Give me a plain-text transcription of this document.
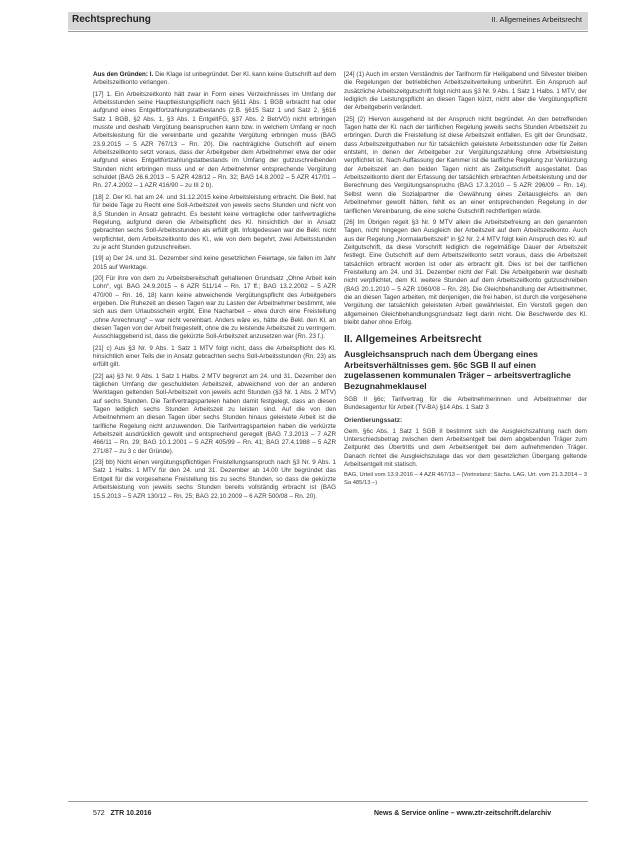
Rechtsprechung	II. Allgemeines Arbeitsrecht

Aus den Gründen: I. Die Klage ist unbegründet. Der Kl. kann keine Gutschrift auf dem Arbeitszeitkonto verlangen.

[17] 1. Ein Arbeitszeitkonto hält zwar in Form eines Verzeichnisses im Umfang der Arbeitsstunden seine Hauptleistungspflicht nach §611 Abs. 1 BGB erbracht hat oder aufgrund eines Entgeltfortzahlungstatbestands (z.B. §615 Satz 1 und Satz 2, §616 Satz 1 BGB, §2 Abs. 1, §3 Abs. 1 EntgeltFG, §37 Abs. 2 BetrVG) nicht erbringen musste und deshalb Vergütung beanspruchen kann bzw. in welchem Umfang er noch Arbeitsleistung für die vereinbarte und gezahlte Vergütung erbringen muss (BAG 23.9.2015 – 5 AZR 767/13 – Rn. 20). Die nachträgliche Gutschrift auf einem Arbeitszeitkonto setzt voraus, dass der Arbeitgeber dem Arbeitnehmer etwa der oder aufgrund eines Entgeltfortzahlungstatbestands im Umfang der gutzuschreibenden Stunden nicht erbringen muss und er den Arbeitnehmer entsprechende Vergütung schuldet (BAG 26.6.2013 – 5 AZR 428/12 – Rn. 32; BAG 14.8.2002 – 5 AZR 417/01 – Rn. 27.4.2002 – 1 AZR 416/90 – zu III 2 b).

[18] 2. Der Kl. hat am 24. und 31.12.2015 keine Arbeitsleistung erbracht. Die Bekl. hat für beide Tage zu Recht eine Soll-Arbeitszeit von jeweils sechs Stunden und nicht von 8,5 Stunden in Ansatz gebracht. Es besteht keine vertragliche oder tarifvertragliche Regelung, aufgrund deren die Arbeitspflicht des Kl. hinsichtlich der in Ansatz gebrachten sechs Soll-Arbeitsstunden als erfüllt gilt. Infolgedessen war die Bekl. nicht verpflichtet, dem Arbeitszeitkonto des Kl., wie von dem begehrt, zwei Arbeitsstunden zu je acht Stunden gutzuschreiben.

[19] a) Der 24. und 31. Dezember sind keine gesetzlichen Feiertage, sie fallen im Jahr 2015 auf Werktage.

[20] Für ihre von dem zu Arbeitsbereitschaft gehaltenen Grundsatz „Ohne Arbeit kein Lohn“, vgl. BAG 24.9.2015 – 6 AZR 511/14 – Rn. 17 ff.; BAG 13.2.2002 – 5 AZR 470/00 – Rn. 16, 18) kann keine abweichende Vergütungspflicht des Arbeitgebers ergeben. Die Ruhezeit an diesen Tagen war zu Lasten der Arbeitnehmer bestimmt, wie sich aus dem Urlaubsschein ergibt. Eine Nacharbeit – etwa durch eine Freistellung „ohne Anrechnung“ – war nicht vereinbart. Anders wäre es, hätte die Bekl. den Kl. an diesen Tagen von der Arbeit freigestellt, ohne die zu leistende Arbeitszeit zu verringern. Ausschlaggebend ist, dass die gekürzte Soll-Arbeitszeit anzusetzen war (Rn. 23 f.).

[21] c) Aus §3 Nr. 9 Abs. 1 Satz 1 MTV folgt nicht, dass die Arbeitspflicht des Kl. hinsichtlich einer Teils der in Ansatz gebrachten sechs Soll-Arbeitsstunden (Rn. 23) als erfüllt gilt.

[22] aa) §3 Nr. 9 Abs. 1 Satz 1 Halbs. 2 MTV begrenzt am 24. und 31. Dezember den täglichen Umfang der geschuldeten Arbeitszeit, abweichend von der an anderen Werktagen geltenden Soll-Arbeitszeit von jeweils acht Stunden (§3 Nr. 1 Abs. 2 MTV) auf sechs Stunden. Die Tarifvertragsparteien haben damit festgelegt, dass an diesen Tagen lediglich sechs Stunden Arbeitszeit zu leisten sind. Auf die von den Arbeitnehmern an diesen Tagen über sechs Stunden hinaus geleistete Arbeit ist die tarifliche Regelung nicht anzuwenden. Die Tarifvertragsparteien haben die verkürzte Arbeitszeit ausdrücklich gewollt und entsprechend geregelt (BAG 7.3.2013 – 7 AZR 466/11 – Rn. 29; BAG 10.1.2001 – 5 AZR 405/99 – Rn. 41; BAG 27.4.1988 – 5 AZR 271/87 – zu 3 c der Gründe).

[23] bb) Nicht einen vergütungspflichtigen Freistellungsanspruch nach §3 Nr. 9 Abs. 1 Satz 1 Halbs. 1 MTV für den 24. und 31. Dezember ab 14.00 Uhr begründet das Entgelt für die vorgesehene Freistellung bis zu sechs Stunden, so dass die gekürzte Arbeitsleistung von jeweils sechs Stunden bereits vollständig erbracht ist (BAG 15.5.2013 – 5 AZR 130/12 – Rn. 25; BAG 22.10.2009 – 6 AZR 500/08 – Rn. 20).

[24] (1) Auch im ersten Verständnis der Tarifnorm für Heiligabend und Silvester bleiben die Regelungen der betrieblichen Arbeitszeitverteilung unberührt. Ein Anspruch auf zusätzliche Arbeitszeitgutschrift folgt nicht aus §3 Nr. 9 Abs. 1 Satz 1 Halbs. 1 MTV, der lediglich die Leistungspflicht an diesen Tagen kürzt, nicht aber die Vergütungspflicht der Arbeitgeberin verändert.

[25] (2) Hiervon ausgehend ist der Anspruch nicht begründet. An den betreffenden Tagen hatte der Kl. nach der tariflichen Regelung jeweils sechs Stunden Arbeitszeit zu erbringen. Durch die Freistellung ist diese Arbeitszeit entfallen. Es gilt der Grundsatz, dass Arbeitszeitguthaben nur für tatsächlich geleistete Arbeitsstunden oder für Zeiten entsteht, in denen der Arbeitgeber zur Vergütungszahlung ohne Arbeitsleistung verpflichtet ist. Nach Auffassung der Kammer ist die tarifliche Regelung zur Verkürzung der Arbeitszeit an den beiden Tagen nicht als Zeitgutschrift ausgestaltet. Das Arbeitszeitkonto dient der Erfassung der tatsächlich erbrachten Arbeitsleistung und der Berechnung des Vergütungsanspruchs (BAG 17.3.2010 – 5 AZR 296/09 – Rn. 14). Selbst wenn die Sozialpartner die Gewährung eines Zeitausgleichs an den Arbeitnehmer gewollt hätten, fehlt es an einer entsprechenden Regelung in der tariflichen Vereinbarung, die eine solche Gutschrift rechtfertigen würde.

[26] Im Übrigen regelt §3 Nr. 9 MTV allein die Arbeitsbefreiung an den genannten Tagen, nicht hingegen den Ausgleich der Arbeitszeit auf dem Arbeitszeitkonto. Auch aus der Regelung „Normalarbeitszeit“ in §2 Nr. 2.4 MTV folgt kein Anspruch des Kl. auf Zeitgutschrift, da diese Vorschrift lediglich die regelmäßige Dauer der Arbeitszeit festlegt. Eine Gutschrift auf dem Arbeitszeitkonto setzt voraus, dass die Arbeitszeit tatsächlich erbracht worden ist oder als erbracht gilt. Dies ist bei der tariflichen Freistellung am 24. und 31. Dezember nicht der Fall. Die Arbeitgeberin war deshalb nicht verpflichtet, dem Kl. weitere Stunden auf dem Arbeitszeitkonto gutzuschreiben (BAG 20.1.2010 – 5 AZR 1060/08 – Rn. 28). Die Gleichbehandlung der Arbeitnehmer, die an diesen Tagen arbeiten, mit denjenigen, die frei haben, ist durch die vorgesehene Vergütung der tatsächlich geleisteten Arbeit gewährleistet. Ein Verstoß gegen den allgemeinen Gleichbehandlungsgrundsatz liegt darin nicht. Die Beschwerde des Kl. bleibt daher ohne Erfolg.

II. Allgemeines Arbeitsrecht
Ausgleichsanspruch nach dem Übergang eines Arbeitsverhältnisses gem. §6c SGB II auf einen zugelassenen kommunalen Träger – arbeitsvertragliche Bezugnahmeklausel
SGB II §6c; Tarifvertrag für die Arbeitnehmerinnen und Arbeitnehmer der Bundesagentur für Arbeit (TV-BA) §14 Abs. 1 Satz 3
Orientierungssatz:

Gem. §6c Abs. 1 Satz 1 SGB II bestimmt sich die Ausgleichszahlung nach dem Unterschiedsbetrag zwischen dem Arbeitsentgelt bei dem abgebenden Träger zum Zeitpunkt des Übertritts und dem Arbeitsentgelt bei dem aufnehmenden Träger. Danach richtet die Ausgleichszulage das vor dem gesetzlichen Übergang geltende Arbeitsentgelt mit statisch.

BAG, Urteil vom 13.9.2016 – 4 AZR 467/13 – (Vorinstanz: Sächs. LAG, Urt. vom 21.3.2014 – 3 Sa 485/13 –)

572 ZTR 10.2016	News & Service online – www.ztr-zeitschrift.de/archiv
